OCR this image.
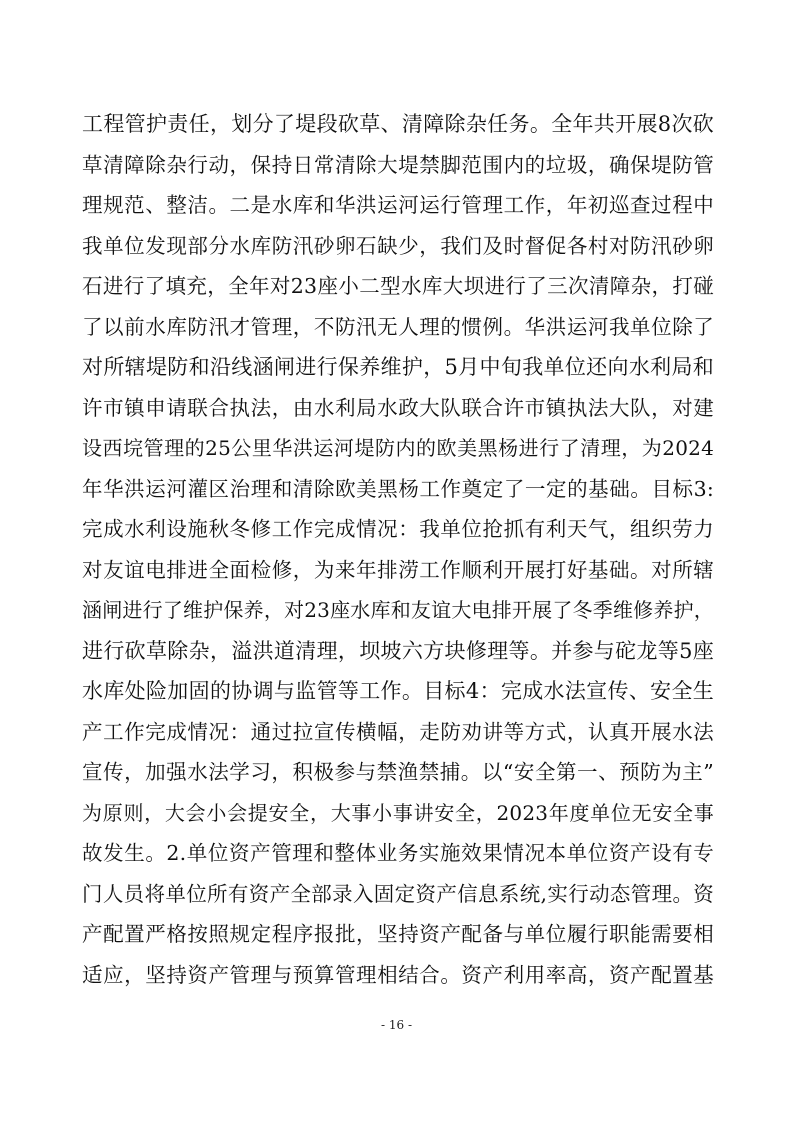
工程管护责任，划分了堤段砍草、清障除杂任务。全年共开展8次砍
草清障除杂行动，保持日常清除大堤禁脚范围内的垃圾，确保堤防管
理规范、整洁。二是水库和华洪运河运行管理工作，年初巡查过程中
我单位发现部分水库防汛砂卵石缺少，我们及时督促各村对防汛砂卵
石进行了填充，全年对23座小二型水库大坝进行了三次清障杂，打碰
了以前水库防汛才管理，不防汛无人理的惯例。华洪运河我单位除了
对所辖堤防和沿线涵闸进行保养维护，5月中旬我单位还向水利局和
许市镇申请联合执法，由水利局水政大队联合许市镇执法大队，对建
设西垸管理的25公里华洪运河堤防内的欧美黑杨进行了清理，为2024
年华洪运河灌区治理和清除欧美黑杨工作奠定了一定的基础。目标3:
完成水利设施秋冬修工作完成情况：我单位抢抓有利天气，组织劳力
对友谊电排进全面检修，为来年排涝工作顺利开展打好基础。对所辖
涵闸进行了维护保养，对23座水库和友谊大电排开展了冬季维修养护，
进行砍草除杂，溢洪道清理，坝坡六方块修理等。并参与砣龙等5座
水库处险加固的协调与监管等工作。目标4：完成水法宣传、安全生
产工作完成情况：通过拉宣传横幅，走防劝讲等方式，认真开展水法
宣传，加强水法学习，积极参与禁渔禁捕。以“安全第一、预防为主”
为原则，大会小会提安全，大事小事讲安全，2023年度单位无安全事
故发生。2.单位资产管理和整体业务实施效果情况本单位资产设有专
门人员将单位所有资产全部录入固定资产信息系统,实行动态管理。资
产配置严格按照规定程序报批，坚持资产配备与单位履行职能需要相
适应，坚持资产管理与预算管理相结合。资产利用率高，资产配置基
- 16 -
